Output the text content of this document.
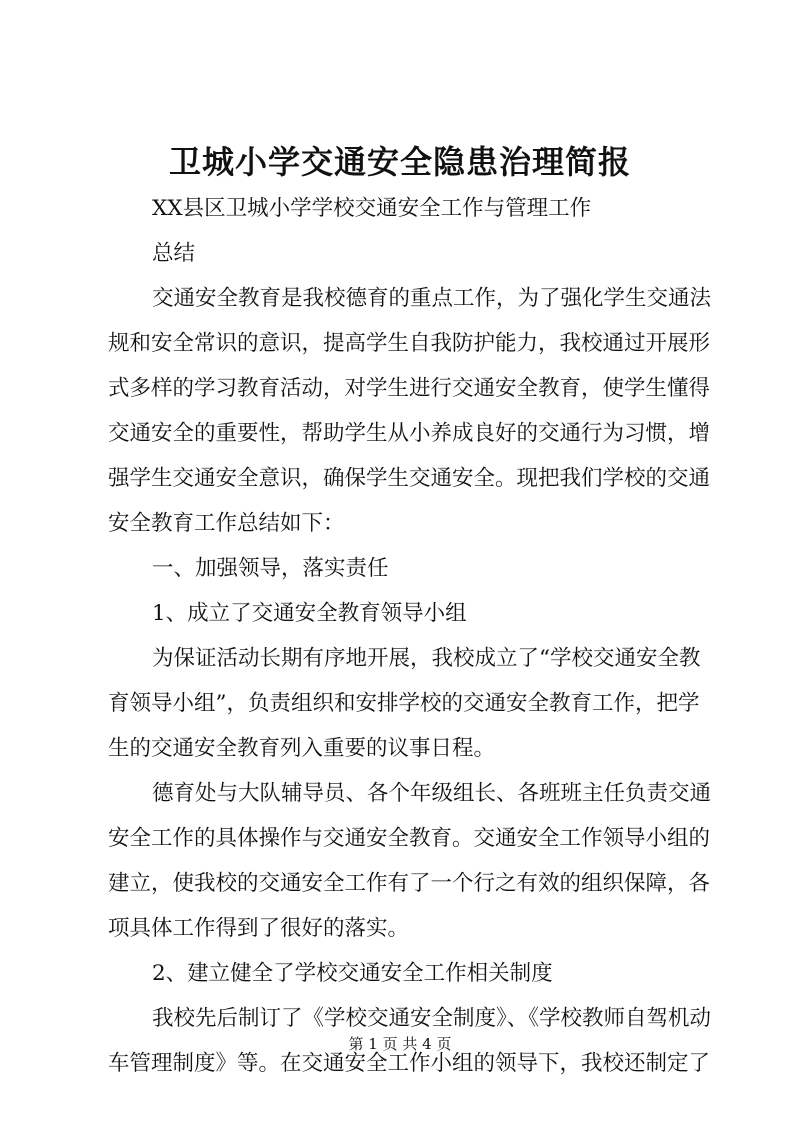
卫城小学交通安全隐患治理简报
XX县区卫城小学学校交通安全工作与管理工作
总结
交通安全教育是我校德育的重点工作，为了强化学生交通法
规和安全常识的意识，提高学生自我防护能力，我校通过开展形
式多样的学习教育活动，对学生进行交通安全教育，使学生懂得
交通安全的重要性，帮助学生从小养成良好的交通行为习惯，增
强学生交通安全意识，确保学生交通安全。现把我们学校的交通
安全教育工作总结如下：
一、加强领导，落实责任
1、成立了交通安全教育领导小组
为保证活动长期有序地开展，我校成立了“学校交通安全教
育领导小组”，负责组织和安排学校的交通安全教育工作，把学
生的交通安全教育列入重要的议事日程。
德育处与大队辅导员、各个年级组长、各班班主任负责交通
安全工作的具体操作与交通安全教育。交通安全工作领导小组的
建立，使我校的交通安全工作有了一个行之有效的组织保障，各
项具体工作得到了很好的落实。
2、建立健全了学校交通安全工作相关制度
我校先后制订了《学校交通安全制度》、《学校教师自驾机动
车管理制度》等。在交通安全工作小组的领导下，我校还制定了
第 1 页 共 4 页
